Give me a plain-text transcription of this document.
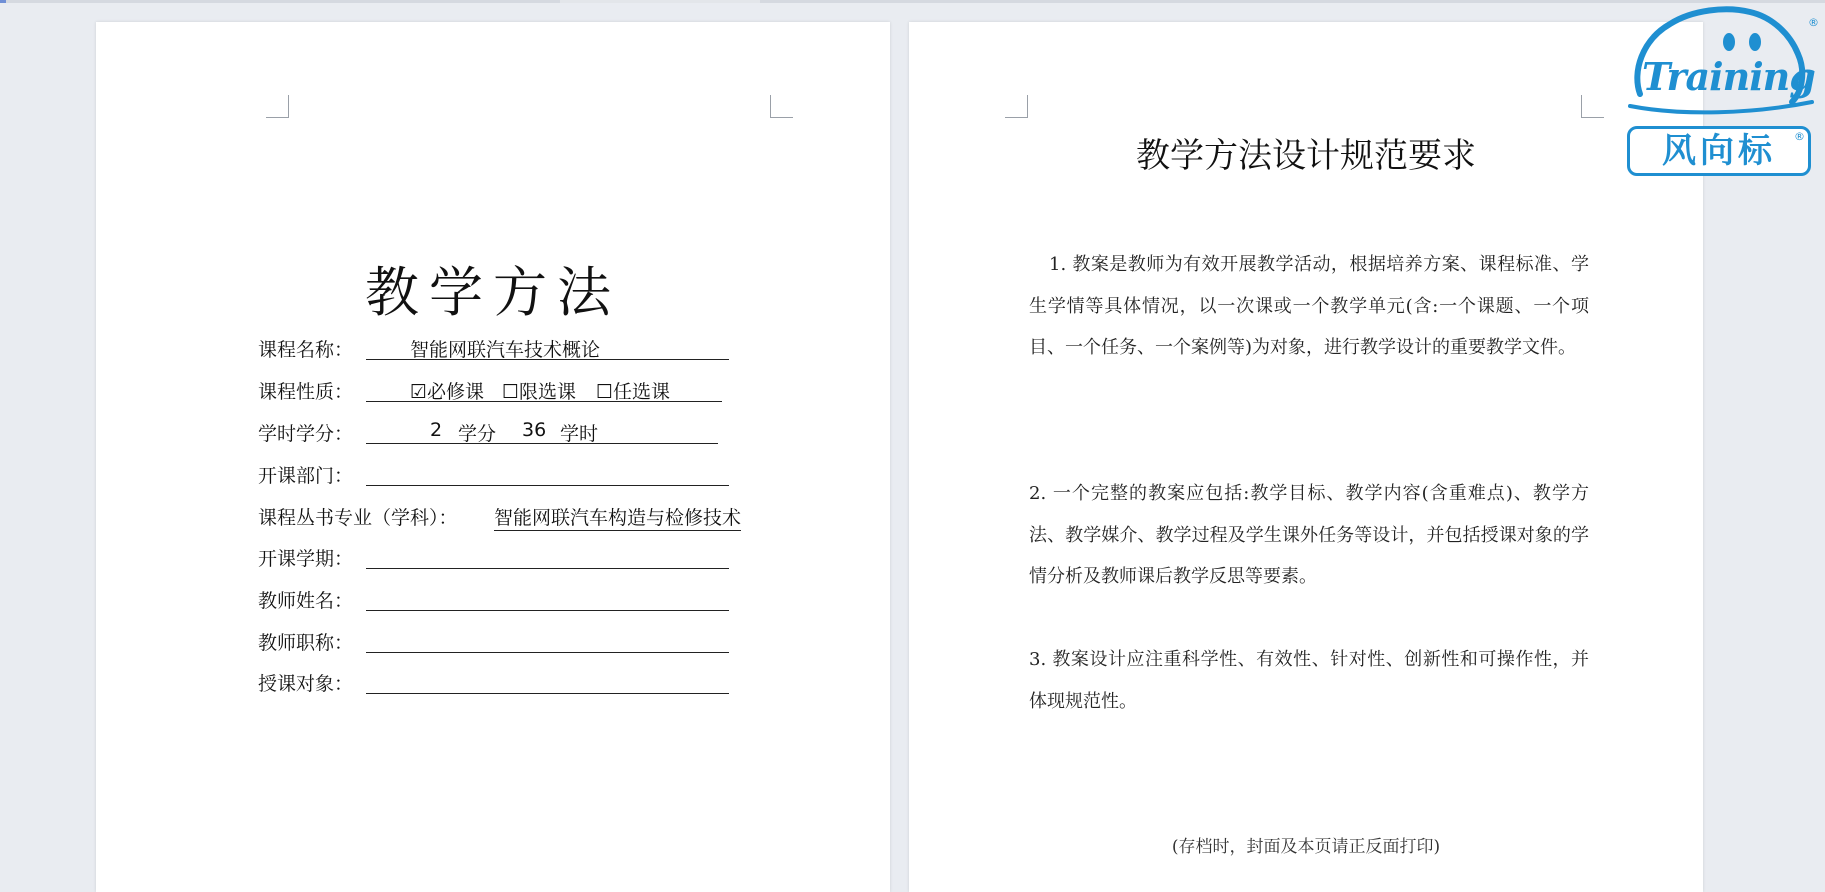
教学方法
课程名称：	智能网联汽车技术概论
课程性质：	☑必修课 ☐限选课 ☐任选课
学时学分：	2 学分 36 学时
开课部门：
课程丛书专业（学科）： 智能网联汽车构造与检修技术
开课学期：
教师姓名：
教师职称：
授课对象：
教学方法设计规范要求
1. 教案是教师为有效开展教学活动，根据培养方案、课程标准、学生学情等具体情况，以一次课或一个教学单元(含:一个课题、一个项目、一个任务、一个案例等)为对象，进行教学设计的重要教学文件。
2. 一个完整的教案应包括:教学目标、教学内容(含重难点)、教学方法、教学媒介、教学过程及学生课外任务等设计，并包括授课对象的学情分析及教师课后教学反思等要素。
3. 教案设计应注重科学性、有效性、针对性、创新性和可操作性，并体现规范性。
(存档时，封面及本页请正反面打印)
Training
®
风向标	®
